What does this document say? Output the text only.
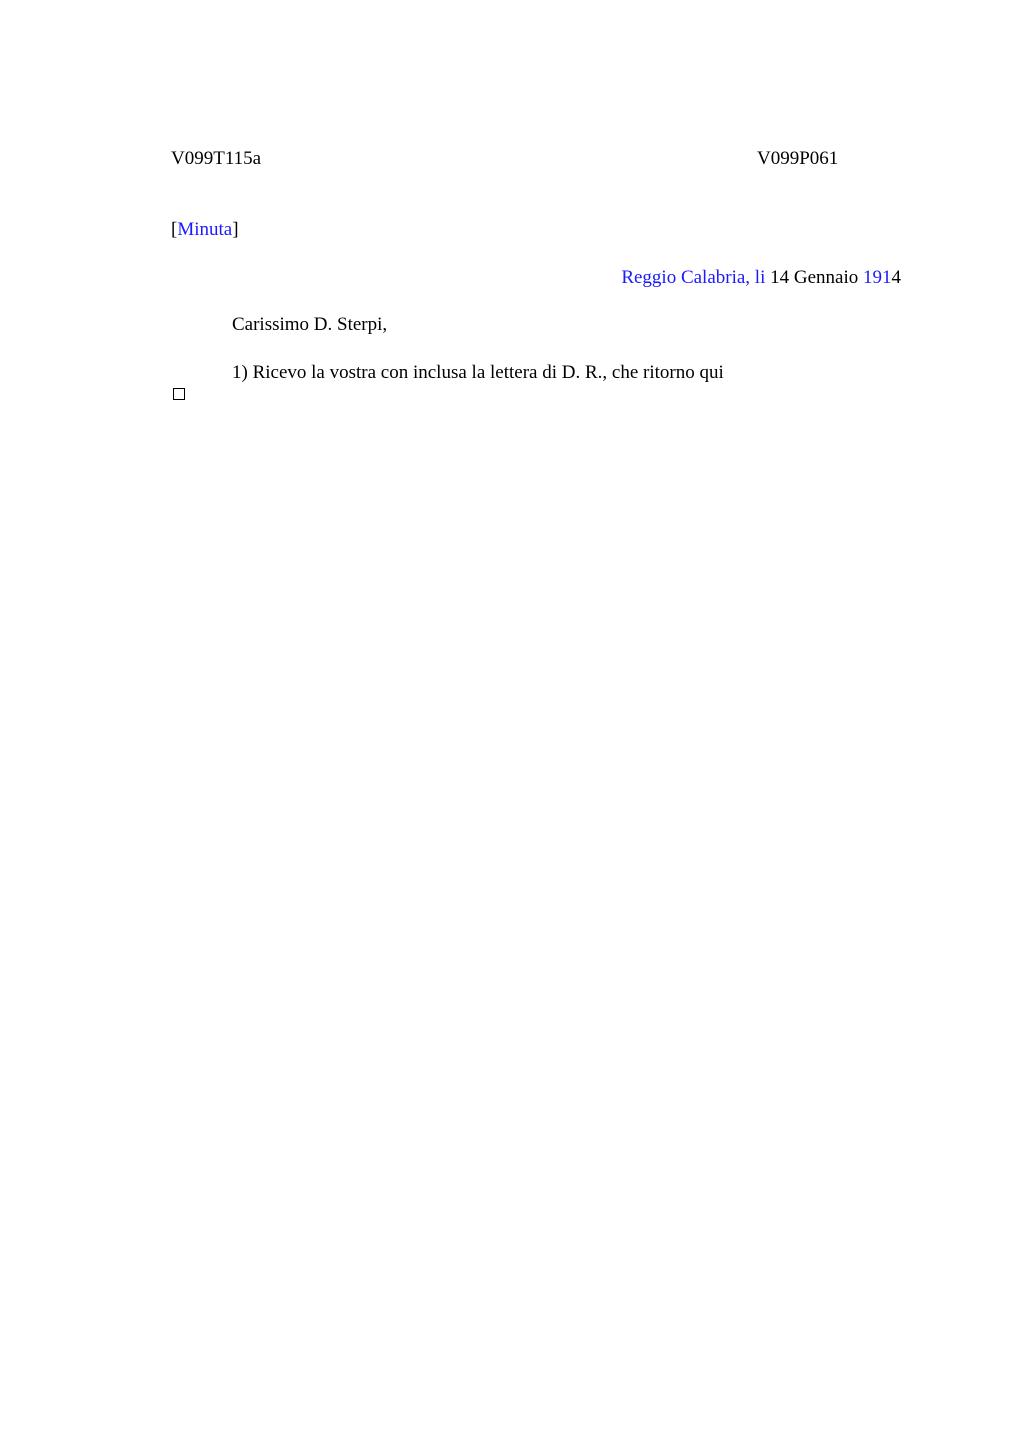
V099T115a	V099P061
[Minuta]
Reggio Calabria, li 14 Gennaio 1914
Carissimo D. Sterpi,
1) Ricevo la vostra con inclusa la lettera di D. R., che ritorno qui
